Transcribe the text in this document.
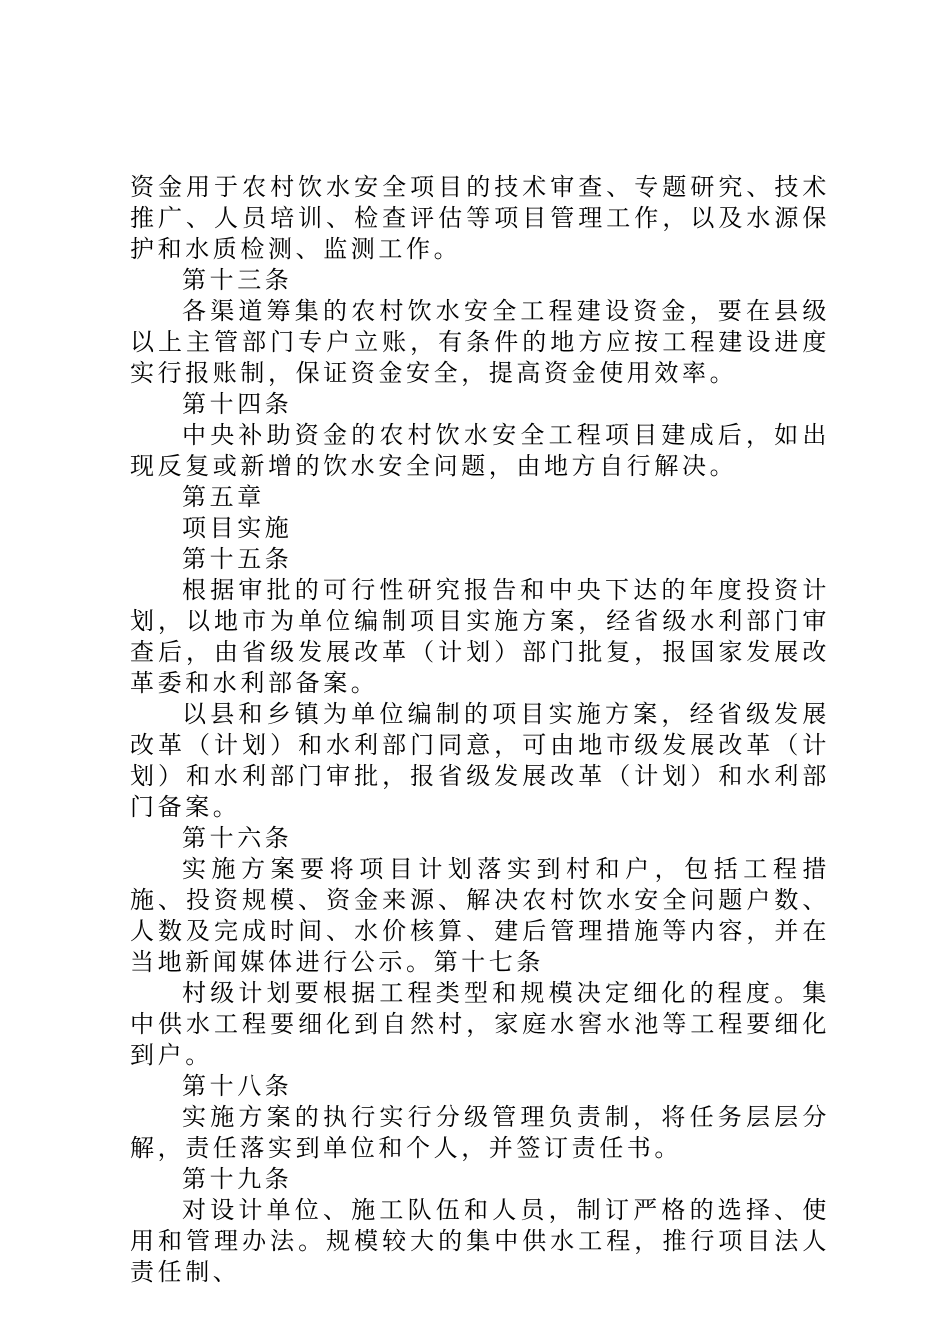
资金用于农村饮水安全项目的技术审查、专题研究、技术推广、人员培训、检查评估等项目管理工作，以及水源保护和水质检测、监测工作。

第十三条

各渠道筹集的农村饮水安全工程建设资金，要在县级以上主管部门专户立账，有条件的地方应按工程建设进度实行报账制，保证资金安全，提高资金使用效率。

第十四条

中央补助资金的农村饮水安全工程项目建成后，如出现反复或新增的饮水安全问题，由地方自行解决。

第五章

项目实施

第十五条

根据审批的可行性研究报告和中央下达的年度投资计划，以地市为单位编制项目实施方案，经省级水利部门审查后，由省级发展改革（计划）部门批复，报国家发展改革委和水利部备案。

以县和乡镇为单位编制的项目实施方案，经省级发展改革（计划）和水利部门同意，可由地市级发展改革（计划）和水利部门审批，报省级发展改革（计划）和水利部门备案。

第十六条

实施方案要将项目计划落实到村和户，包括工程措施、投资规模、资金来源、解决农村饮水安全问题户数、人数及完成时间、水价核算、建后管理措施等内容，并在当地新闻媒体进行公示。第十七条

村级计划要根据工程类型和规模决定细化的程度。集中供水工程要细化到自然村，家庭水窖水池等工程要细化到户。

第十八条

实施方案的执行实行分级管理负责制，将任务层层分解，责任落实到单位和个人，并签订责任书。

第十九条

对设计单位、施工队伍和人员，制订严格的选择、使用和管理办法。规模较大的集中供水工程，推行项目法人责任制、
